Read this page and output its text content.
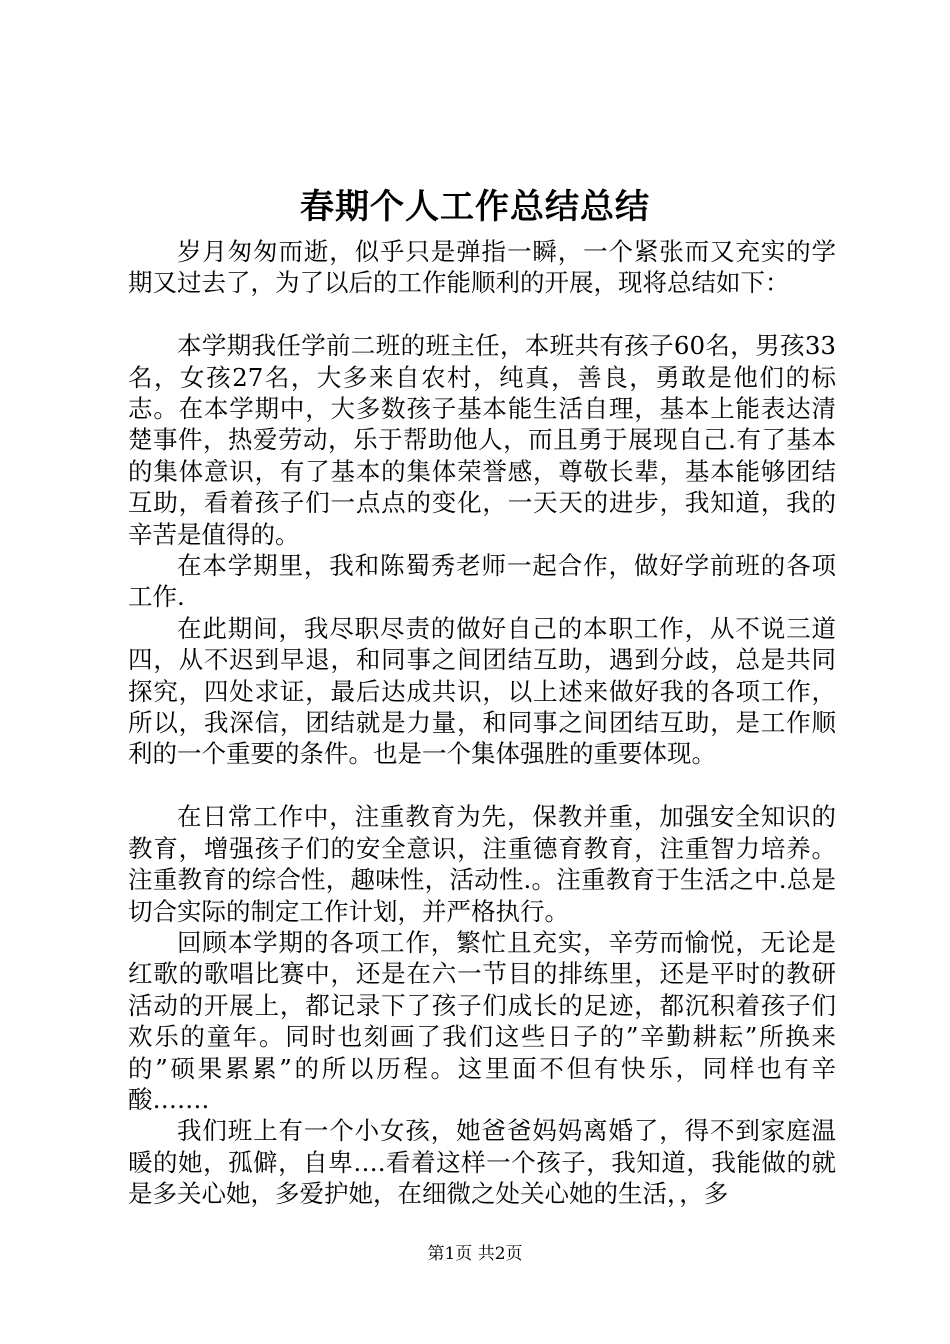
春期个人工作总结总结

岁月匆匆而逝，似乎只是弹指一瞬，一个紧张而又充实的学期又过去了，为了以后的工作能顺利的开展，现将总结如下：

本学期我任学前二班的班主任，本班共有孩子60名，男孩33名，女孩27名，大多来自农村，纯真，善良，勇敢是他们的标志。在本学期中，大多数孩子基本能生活自理，基本上能表达清楚事件，热爱劳动，乐于帮助他人，而且勇于展现自己.有了基本的集体意识，有了基本的集体荣誉感，尊敬长辈，基本能够团结互助，看着孩子们一点点的变化，一天天的进步，我知道，我的辛苦是值得的。

在本学期里，我和陈蜀秀老师一起合作，做好学前班的各项工作.

在此期间，我尽职尽责的做好自己的本职工作，从不说三道四，从不迟到早退，和同事之间团结互助，遇到分歧，总是共同探究，四处求证，最后达成共识，以上述来做好我的各项工作，所以，我深信，团结就是力量，和同事之间团结互助，是工作顺利的一个重要的条件。也是一个集体强胜的重要体现。

在日常工作中，注重教育为先，保教并重，加强安全知识的教育，增强孩子们的安全意识，注重德育教育，注重智力培养。注重教育的综合性，趣味性，活动性.。注重教育于生活之中.总是切合实际的制定工作计划，并严格执行。

回顾本学期的各项工作，繁忙且充实，辛劳而愉悦，无论是红歌的歌唱比赛中，还是在六一节目的排练里，还是平时的教研活动的开展上，都记录下了孩子们成长的足迹，都沉积着孩子们欢乐的童年。同时也刻画了我们这些日子的”辛勤耕耘”所换来的”硕果累累”的所以历程。这里面不但有快乐，同样也有辛酸…….

我们班上有一个小女孩，她爸爸妈妈离婚了，得不到家庭温暖的她，孤僻，自卑….看着这样一个孩子，我知道，我能做的就是多关心她，多爱护她，在细微之处关心她的生活，，多

第1页 共2页
